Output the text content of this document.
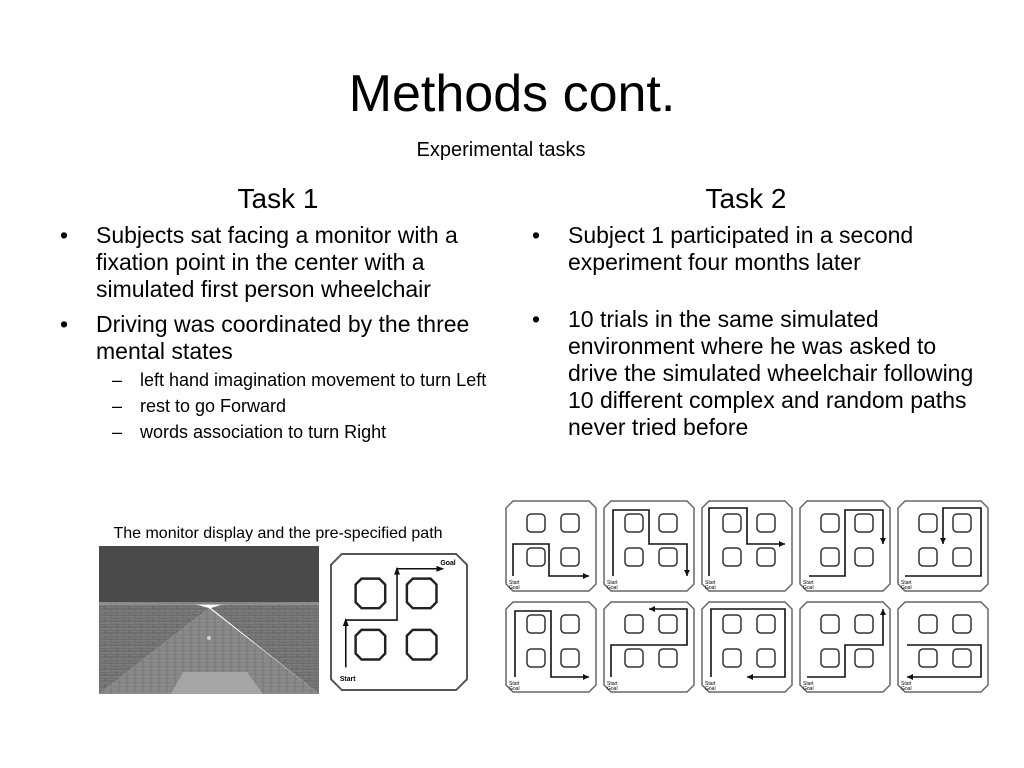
Methods cont.
Experimental tasks
Task 1	Task 2
• Subjects sat facing a monitor with a fixation point in the center with a simulated first person wheelchair
• Driving was coordinated by the three mental states
– left hand imagination movement to turn Left
– rest to go Forward
– words association to turn Right
• Subject 1 participated in a second experiment four months later
• 10 trials in the same simulated environment where he was asked to drive the simulated wheelchair following 10 different complex and random paths never tried before
The monitor display and the pre-specified path
Goal
Start
Start
Goal
Start
Goal
Start
Goal
Start
Goal
Start
Goal
Start
Goal
Start
Goal
Start
Goal
Start
Goal
Start
Goal
